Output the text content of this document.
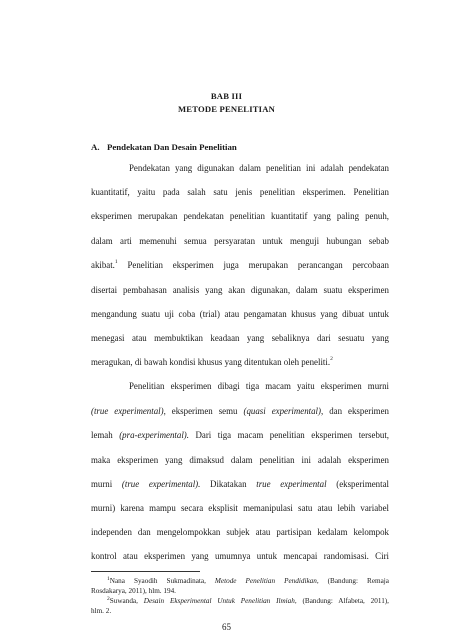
BAB III
METODE PENELITIAN
A. Pendekatan Dan Desain Penelitian
Pendekatan yang digunakan dalam penelitian ini adalah pendekatan
kuantitatif, yaitu pada salah satu jenis penelitian eksperimen. Penelitian
eksperimen merupakan pendekatan penelitian kuantitatif yang paling penuh,
dalam arti memenuhi semua persyaratan untuk menguji hubungan sebab
akibat.$^1$ Penelitian eksperimen juga merupakan perancangan percobaan
disertai pembahasan analisis yang akan digunakan, dalam suatu eksperimen
mengandung suatu uji coba (trial) atau pengamatan khusus yang dibuat untuk
menegasi atau membuktikan keadaan yang sebaliknya dari sesuatu yang
meragukan, di bawah kondisi khusus yang ditentukan oleh peneliti.$^2$
Penelitian eksperimen dibagi tiga macam yaitu eksperimen murni
(true experimental), eksperimen semu (quasi experimental), dan eksperimen
lemah (pra-experimental). Dari tiga macam penelitian eksperimen tersebut,
maka eksperimen yang dimaksud dalam penelitian ini adalah eksperimen
murni (true experimental). Dikatakan true experimental (eksperimental
murni) karena mampu secara eksplisit memanipulasi satu atau lebih variabel
independen dan mengelompokkan subjek atau partisipan kedalam kelompok
kontrol atau eksperimen yang umumnya untuk mencapai randomisasi. Ciri
$^1$Nana Syaodih Sukmadinata, Metode Penelitian Pendidikan, (Bandung: Remaja
Rosdakarya, 2011), hlm. 194.
$^2$Suwanda, Desain Eksperimental Untuk Penelitian Ilmiah, (Bandung: Alfabeta, 2011),
hlm. 2.
65
